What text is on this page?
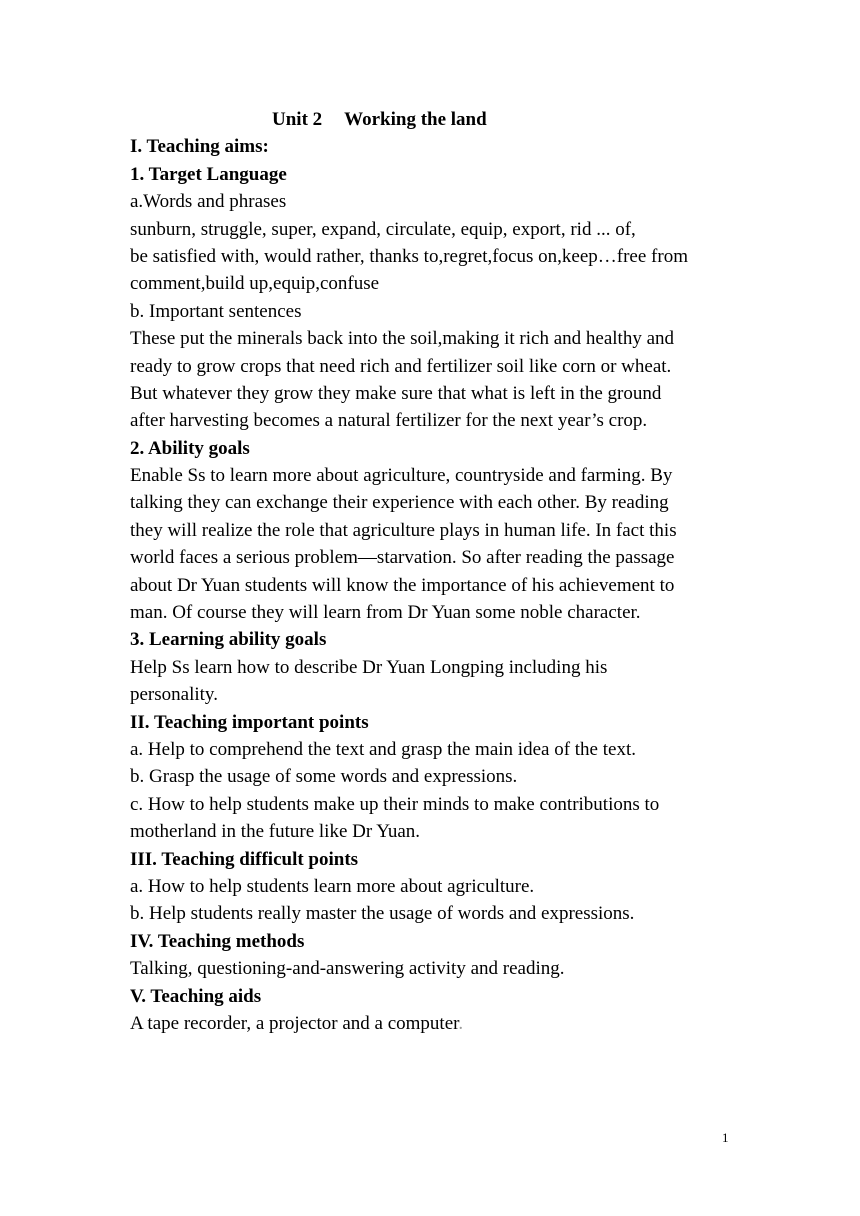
Unit 2 Working the land
I. Teaching aims:
1. Target Language
a.Words and phrases
sunburn, struggle, super, expand, circulate, equip, export, rid ... of,
be satisfied with, would rather, thanks to,regret,focus on,keep…free from
comment,build up,equip,confuse
b. Important sentences
These put the minerals back into the soil,making it rich and healthy and
ready to grow crops that need rich and fertilizer soil like corn or wheat.
But whatever they grow they make sure that what is left in the ground
after harvesting becomes a natural fertilizer for the next year’s crop.
2. Ability goals
Enable Ss to learn more about agriculture, countryside and farming. By
talking they can exchange their experience with each other. By reading
they will realize the role that agriculture plays in human life. In fact this
world faces a serious problem—starvation. So after reading the passage
about Dr Yuan students will know the importance of his achievement to
man. Of course they will learn from Dr Yuan some noble character.
3. Learning ability goals
Help Ss learn how to describe Dr Yuan Longping including his
personality.
II. Teaching important points
a. Help to comprehend the text and grasp the main idea of the text.
b. Grasp the usage of some words and expressions.
c. How to help students make up their minds to make contributions to
motherland in the future like Dr Yuan.
III. Teaching difficult points
a. How to help students learn more about agriculture.
b. Help students really master the usage of words and expressions.
IV. Teaching methods
Talking, questioning-and-answering activity and reading.
V. Teaching aids
A tape recorder, a projector and a computer.
1
